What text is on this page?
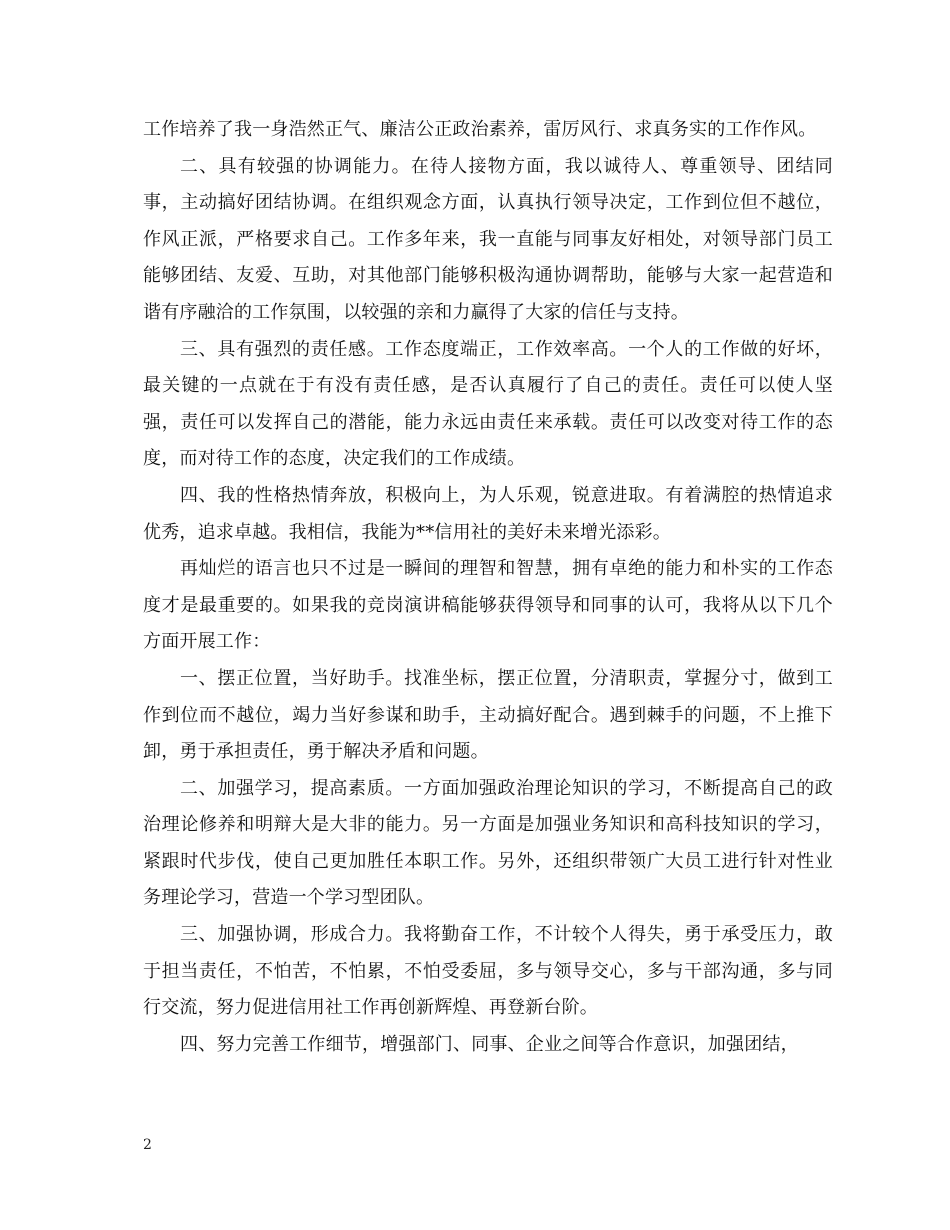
工作培养了我一身浩然正气、廉洁公正政治素养，雷厉风行、求真务实的工作作风。

二、具有较强的协调能力。在待人接物方面，我以诚待人、尊重领导、团结同事，主动搞好团结协调。在组织观念方面，认真执行领导决定，工作到位但不越位，作风正派，严格要求自己。工作多年来，我一直能与同事友好相处，对领导部门员工能够团结、友爱、互助，对其他部门能够积极沟通协调帮助，能够与大家一起营造和谐有序融洽的工作氛围，以较强的亲和力赢得了大家的信任与支持。

三、具有强烈的责任感。工作态度端正，工作效率高。一个人的工作做的好坏，最关键的一点就在于有没有责任感，是否认真履行了自己的责任。责任可以使人坚强，责任可以发挥自己的潜能，能力永远由责任来承载。责任可以改变对待工作的态度，而对待工作的态度，决定我们的工作成绩。

四、我的性格热情奔放，积极向上，为人乐观，锐意进取。有着满腔的热情追求优秀，追求卓越。我相信，我能为**信用社的美好未来增光添彩。

再灿烂的语言也只不过是一瞬间的理智和智慧，拥有卓绝的能力和朴实的工作态度才是最重要的。如果我的竞岗演讲稿能够获得领导和同事的认可，我将从以下几个方面开展工作：

一、摆正位置，当好助手。找准坐标，摆正位置，分清职责，掌握分寸，做到工作到位而不越位，竭力当好参谋和助手，主动搞好配合。遇到棘手的问题，不上推下卸，勇于承担责任，勇于解决矛盾和问题。

二、加强学习，提高素质。一方面加强政治理论知识的学习，不断提高自己的政治理论修养和明辩大是大非的能力。另一方面是加强业务知识和高科技知识的学习，紧跟时代步伐，使自己更加胜任本职工作。另外，还组织带领广大员工进行针对性业务理论学习，营造一个学习型团队。

三、加强协调，形成合力。我将勤奋工作，不计较个人得失，勇于承受压力，敢于担当责任，不怕苦，不怕累，不怕受委屈，多与领导交心，多与干部沟通，多与同行交流，努力促进信用社工作再创新辉煌、再登新台阶。

四、努力完善工作细节，增强部门、同事、企业之间等合作意识，加强团结，

2
